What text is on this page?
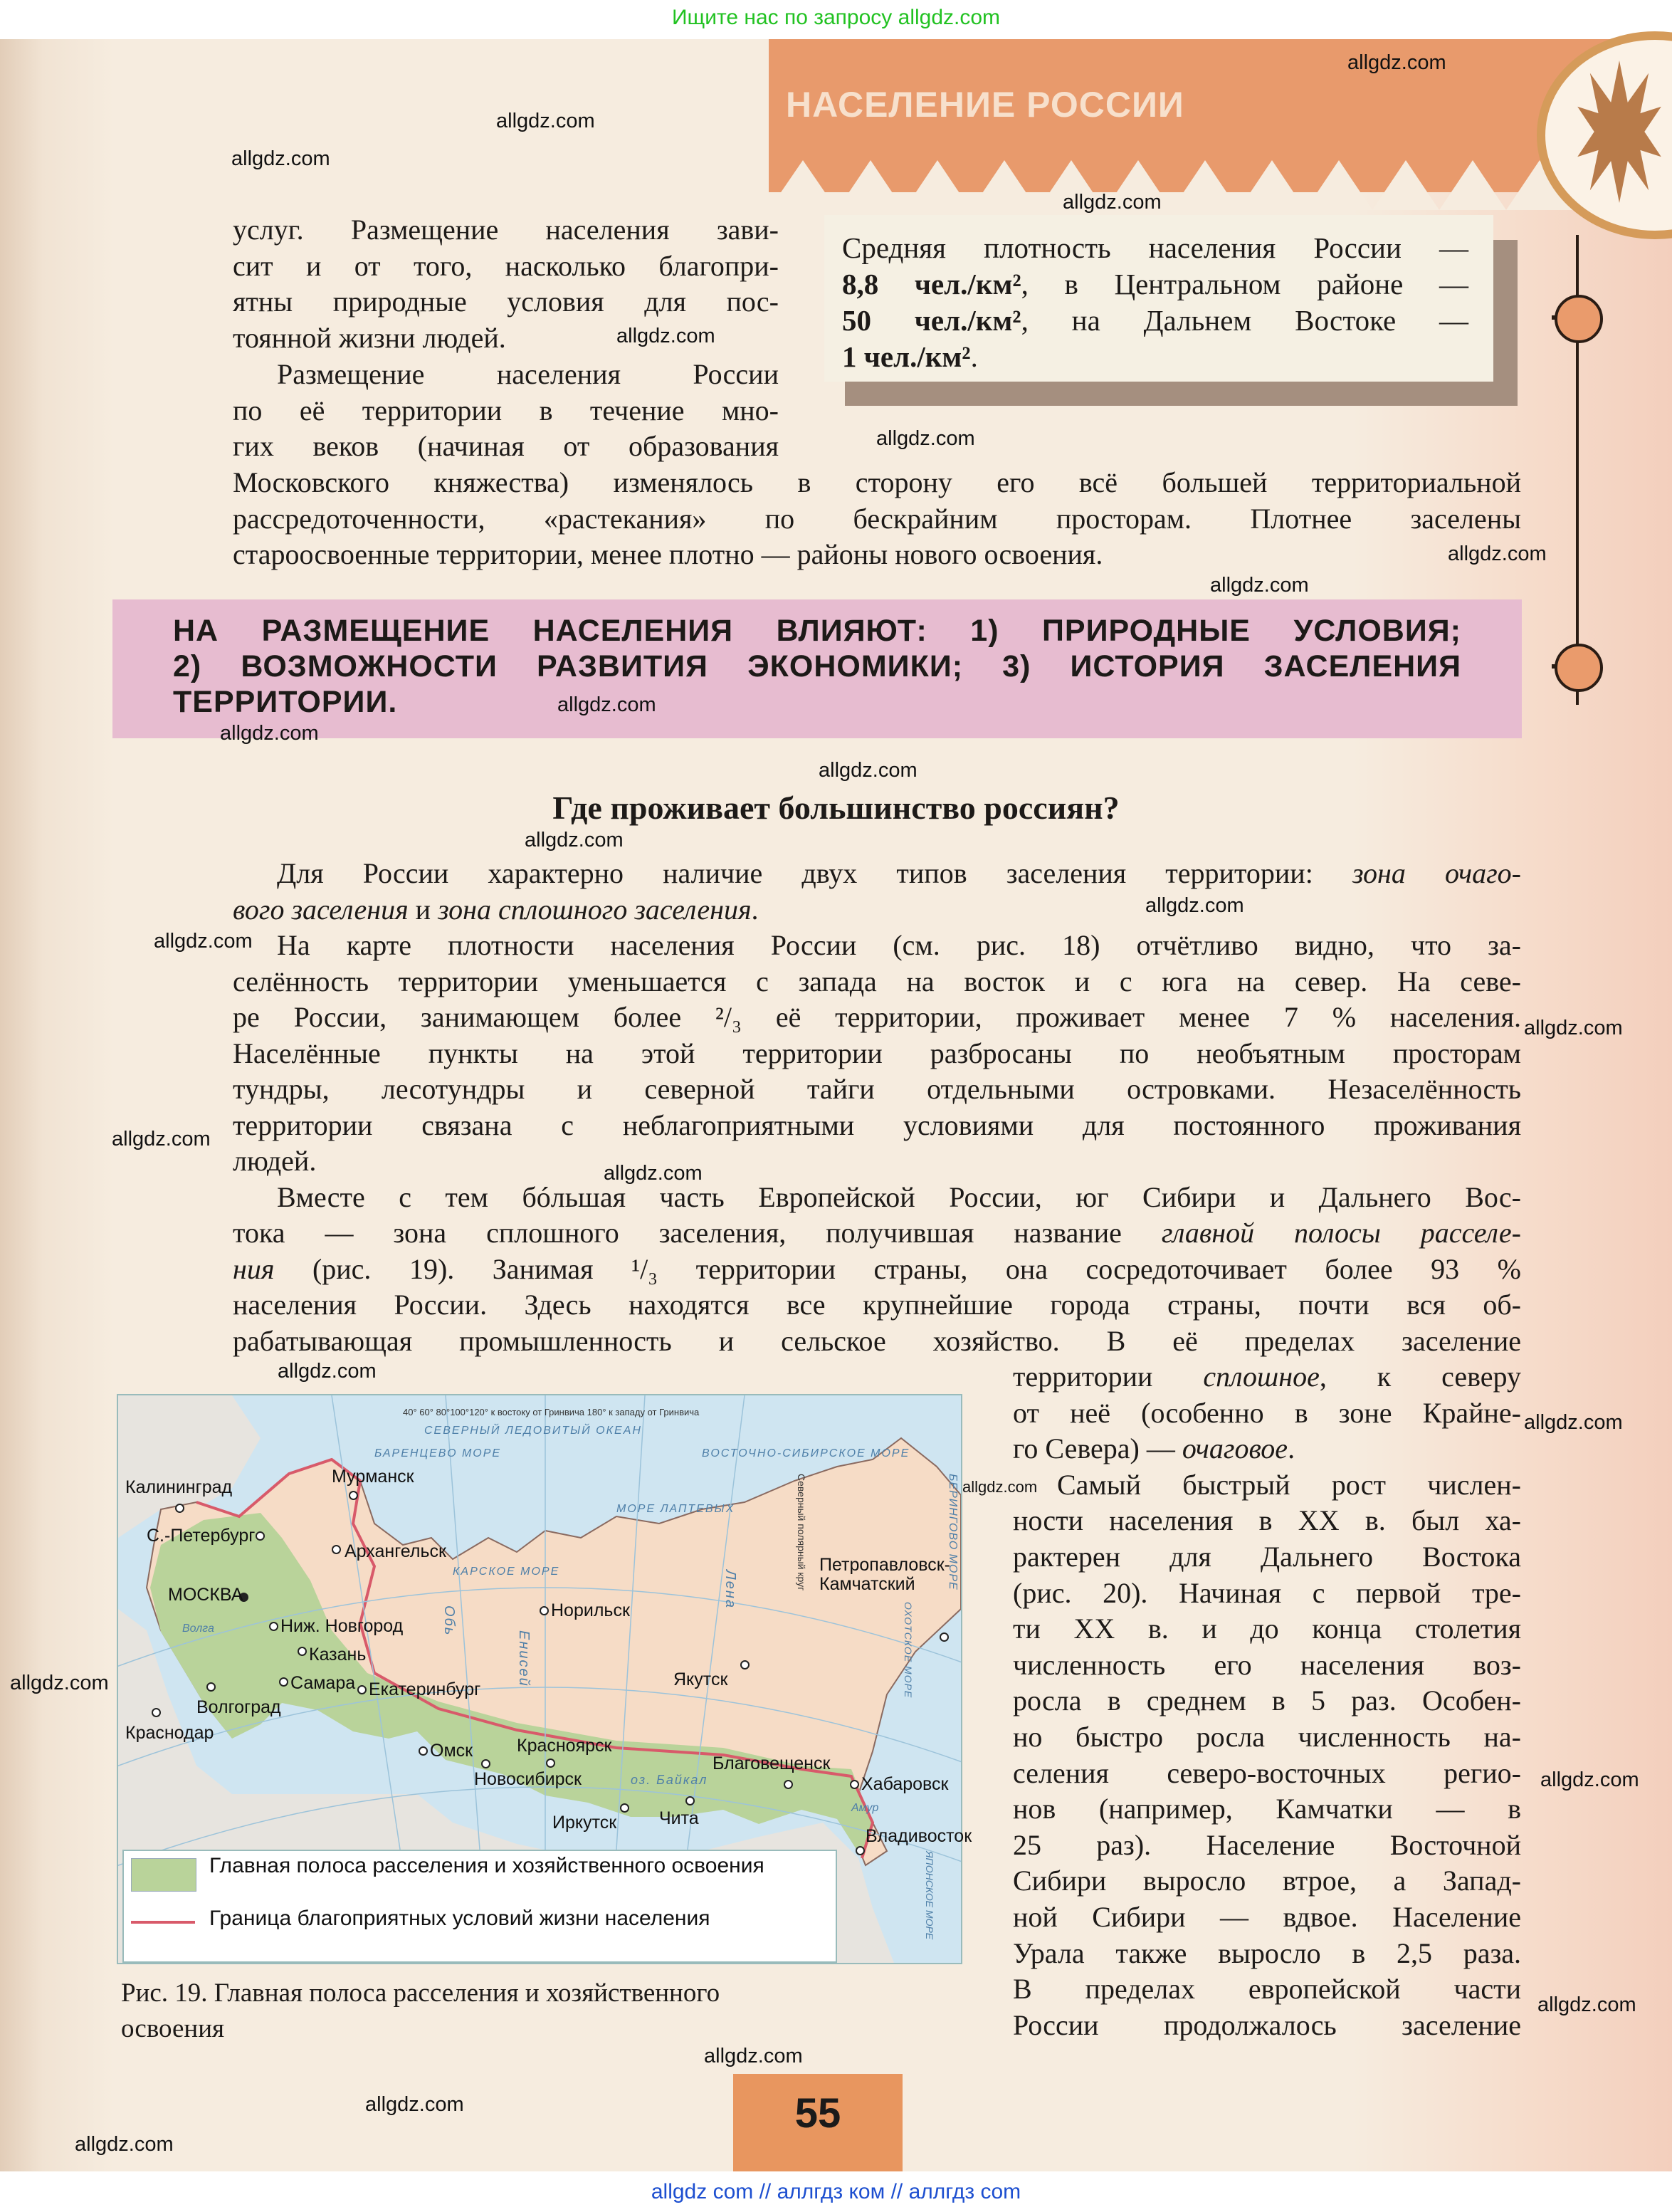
Ищите нас по запросу allgdz.com
НАСЕЛЕНИЕ РОССИИ
Средняя плотность населения России —
8,8 чел./км², в Центральном районе —
50 чел./км², на Дальнем Востоке —
1 чел./км².
услуг. Размещение населения зави-
сит и от того, насколько благопри-
ятны природные условия для пос-
тоянной жизни людей.
Размещение населения России
по её территории в течение мно-
гих веков (начиная от образования
Московского княжества) изменялось в сторону его всё большей территориальной
рассредоточенности, «растекания» по бескрайним просторам. Плотнее заселены
староосвоенные территории, менее плотно — районы нового освоения.
НА РАЗМЕЩЕНИЕ НАСЕЛЕНИЯ ВЛИЯЮТ: 1) ПРИРОДНЫЕ УСЛОВИЯ;
2) ВОЗМОЖНОСТИ РАЗВИТИЯ ЭКОНОМИКИ; 3) ИСТОРИЯ ЗАСЕЛЕНИЯ
ТЕРРИТОРИИ.
Где проживает большинство россиян?
Для России характерно наличие двух типов заселения территории: зона очаго-
вого заселения и зона сплошного заселения.
На карте плотности населения России (см. рис. 18) отчётливо видно, что за-
селённость территории уменьшается с запада на восток и с юга на север. На севе-
ре России, занимающем более ²/₃ её территории, проживает менее 7 % населения.
Населённые пункты на этой территории разбросаны по необъятным просторам
тундры, лесотундры и северной тайги отдельными островками. Незаселённость
территории связана с неблагоприятными условиями для постоянного проживания
людей.
Вместе с тем бóльшая часть Европейской России, юг Сибири и Дальнего Вос-
тока — зона сплошного заселения, получившая название главной полосы расселе-
ния (рис. 19). Занимая ¹/₃ территории страны, она сосредоточивает более 93 %
населения России. Здесь находятся все крупнейшие города страны, почти вся об-
рабатывающая промышленность и сельское хозяйство. В её пределах заселение
территории сплошное, к северу
от неё (особенно в зоне Крайне-
го Севера) — очаговое.
Самый быстрый рост числен-
ности населения в XX в. был ха-
рактерен для Дальнего Востока
(рис. 20). Начиная с первой тре-
ти XX в. и до конца столетия
численность его населения воз-
росла в среднем в 5 раз. Особен-
но быстро росла численность на-
селения северо-восточных регио-
нов (например, Камчатки — в
25 раз). Население Восточной
Сибири выросло втрое, а Запад-
ной Сибири — вдвое. Население
Урала также выросло в 2,5 раза.
В пределах европейской части
России продолжалось заселение
40° 60° 80°100°120° к востоку от Гринвича 180° к западу от Гринвича
СЕВЕРНЫЙ ЛЕДОВИТЫЙ ОКЕАН
БАРЕНЦЕВО МОРЕ
КАРСКОЕ МОРЕ
МОРЕ ЛАПТЕВЫХ
ВОСТОЧНО-СИБИРСКОЕ МОРЕ
БЕРИНГОВО МОРЕ
ОХОТСКОЕ МОРЕ
ЯПОНСКОЕ МОРЕ
Северный полярный круг
Обь
Енисей
Лена
оз. Байкал
Амур
Волга
Калининград
Мурманск
С.-Петербург
Архангельск
МОСКВА
Ниж. Новгород
Казань
Самара
Краснодар
Волгоград
Екатеринбург
Омск
Новосибирск
Красноярск
Норильск
Якутск
Иркутск Чита
Благовещенск
Хабаровск
Владивосток
Петропавловск-Камчатский
Главная полоса расселения и хозяйственного освоения
Граница благоприятных условий жизни населения
Рис. 19. Главная полоса расселения и хозяйственного
освоения
55
allgdz com // аллгдз ком // аллгдз com
allgdz.com
allgdz.com
allgdz.com
allgdz.com
allgdz.com
allgdz.com
allgdz.com
allgdz.com
allgdz.com
allgdz.com
allgdz.com
allgdz.com
allgdz.com
allgdz.com
allgdz.com
allgdz.com
allgdz.com
allgdz.com
allgdz.com
allgdz.com
allgdz.com
allgdz.com
allgdz.com
allgdz.com
allgdz.com
allgdz.com
